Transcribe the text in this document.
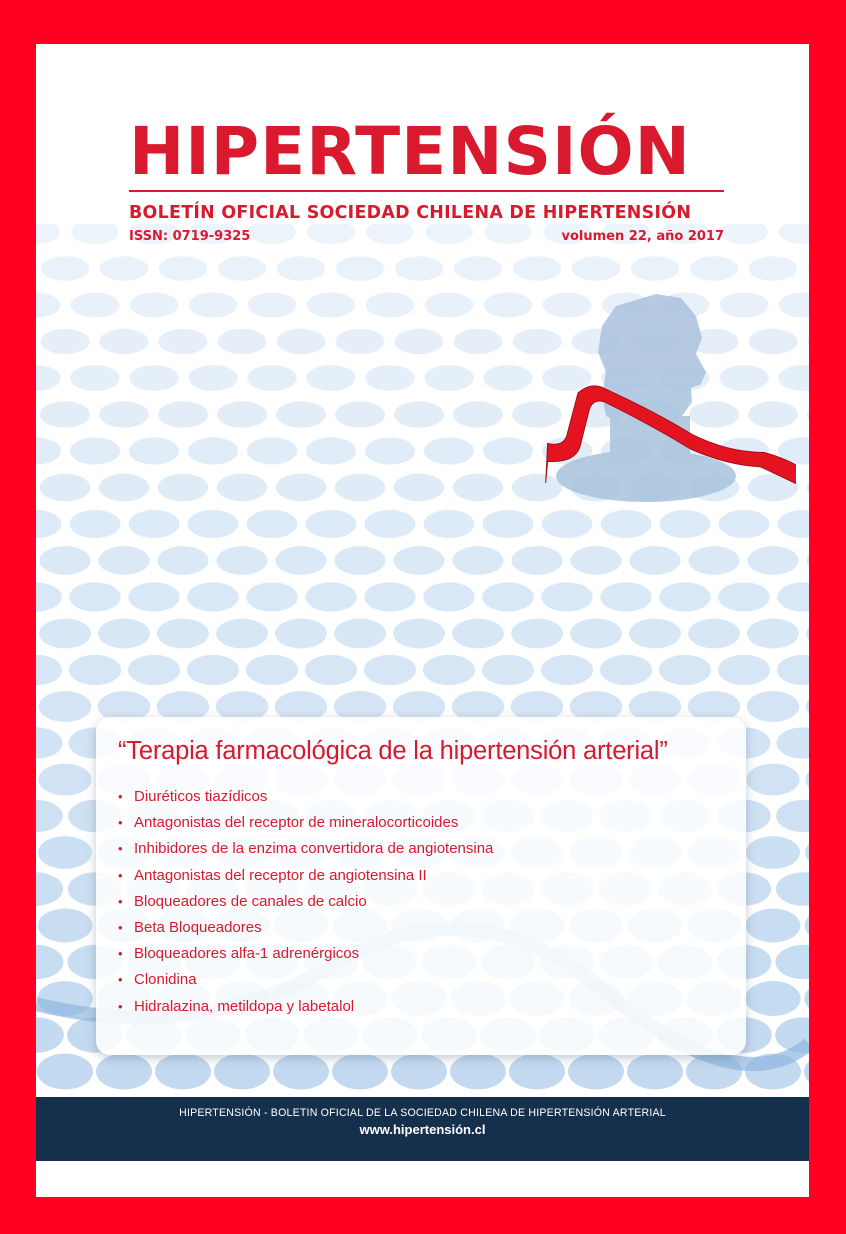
HIPERTENSIÓN
BOLETÍN OFICIAL SOCIEDAD CHILENA DE HIPERTENSIÓN
ISSN: 0719-9325	volumen 22, año 2017
“Terapia farmacológica de la hipertensión arterial”
• Diuréticos tiazídicos
• Antagonistas del receptor de mineralocorticoides
• Inhibidores de la enzima convertidora de angiotensina
• Antagonistas del receptor de angiotensina II
• Bloqueadores de canales de calcio
• Beta Bloqueadores
• Bloqueadores alfa-1 adrenérgicos
• Clonidina
• Hidralazina, metildopa y labetalol
HIPERTENSIÓN - BOLETIN OFICIAL DE LA SOCIEDAD CHILENA DE HIPERTENSIÓN ARTERIAL
www.hipertensión.cl
